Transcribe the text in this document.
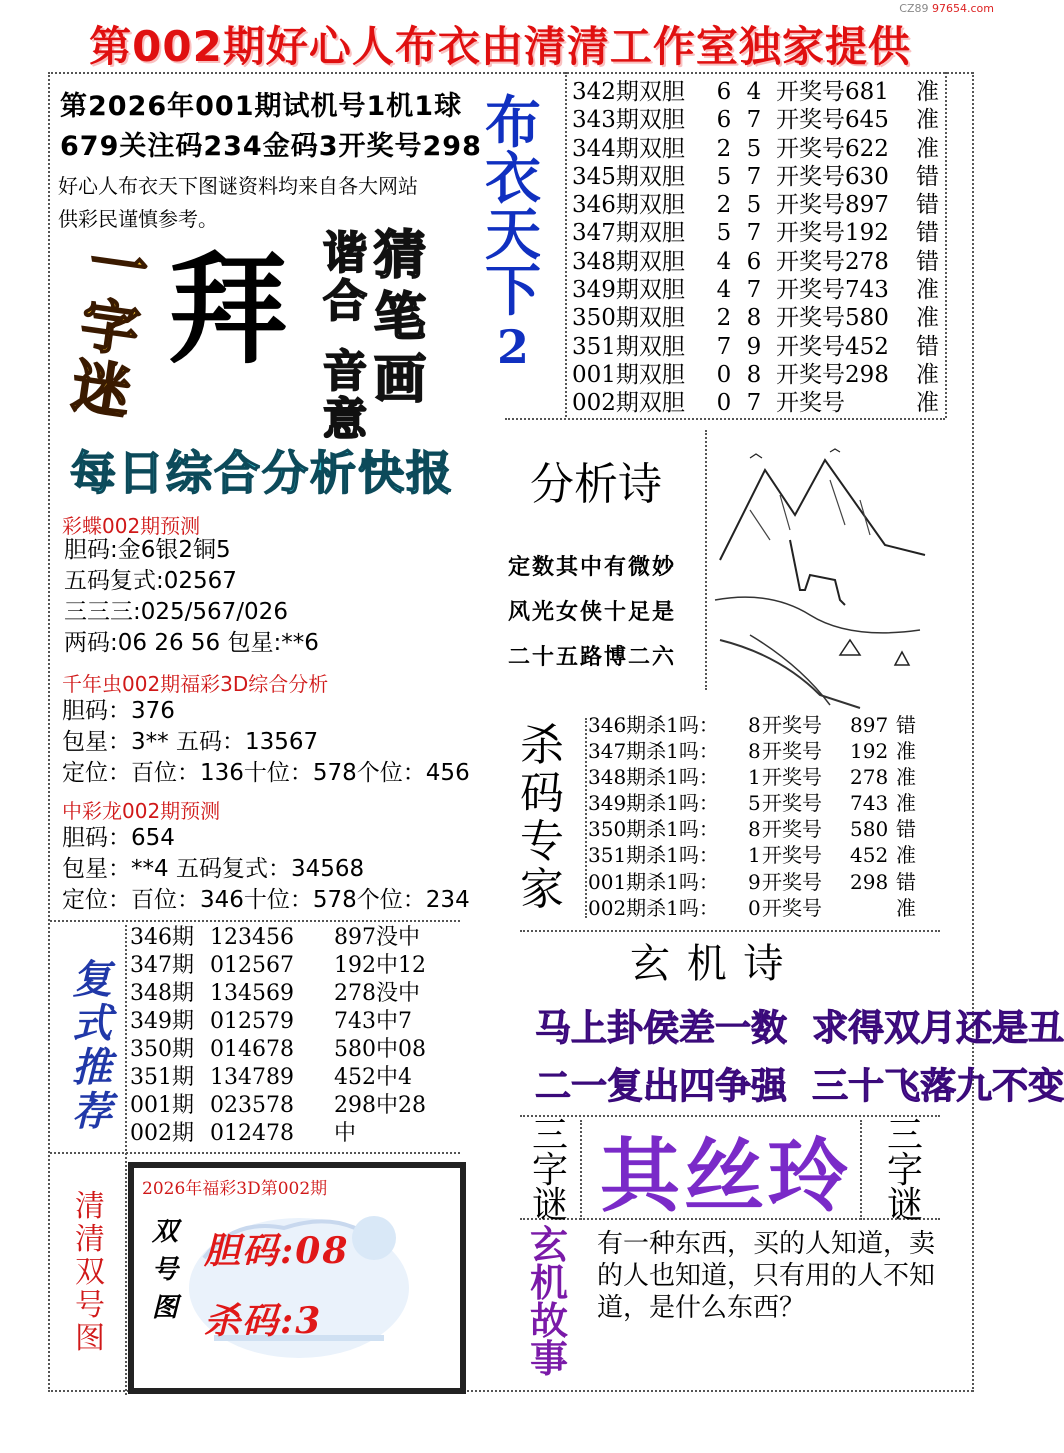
第002期好心人布衣由清清工作室独家提供
CZ89 97654.com
第2026年001期试机号1机1球
679关注码234金码3开奖号298
好心人布衣天下图谜资料均来自各大网站
供彩民谨慎参考。
一
字
迷
拜 猜
笔
画
谐
合
音
意
布
衣
天
下
2
342期双胆	6 4 开奖号681	准
343期双胆	6 7 开奖号645	准
344期双胆	2 5 开奖号622	准
345期双胆	5 7 开奖号630	错
346期双胆	2 5 开奖号897	错
347期双胆	5 7 开奖号192	错
348期双胆	4 6 开奖号278	错
349期双胆	4 7 开奖号743	准
350期双胆	2 8 开奖号580	准
351期双胆	7 9 开奖号452	错
001期双胆	0 8 开奖号298	准
002期双胆	0 7 开奖号	准
每日综合分析快报
彩蝶002期预测
胆码:金6银2铜5
五码复式:02567
三三三:025/567/026
两码:06 26 56 包星:**6
千年虫002期福彩3D综合分析
胆码：376
包星：3** 五码：13567
定位：百位：136十位：578个位：456
中彩龙002期预测
胆码：654
包星：**4 五码复式：34568
定位：百位：346十位：578个位：234
分析诗
定数其中有微妙
风光女侠十足是
二十五路博二六
杀
码
专
家
346期杀1吗：	8 开奖号	897 错
347期杀1吗：	8 开奖号	192 准
348期杀1吗：	1 开奖号	278 准
349期杀1吗：	5 开奖号	743 准
350期杀1吗：	8 开奖号	580 错
351期杀1吗：	1 开奖号	452 准
001期杀1吗：	9 开奖号	298 错
002期杀1吗：	0 开奖号	准
复
式
推
荐
346期 123456	897没中
347期 012567	192中12
348期 134569	278没中
349期 012579	743中7
350期 014678	580中08
351期 134789	452中4
001期 023578	298中28
002期 012478	中
玄 机 诗
马上卦侯差一数  求得双月还是丑
二一复出四争强  三十飞落九不变
三
字
谜 其丝玲 三
字
谜
清
清
双
号
图
2026年福彩3D第002期
双
号
图
胆码:08
杀码:3
玄
机
故
事
有一种东西，买的人知道，卖的人也知道，只有用的人不知道，是什么东西？
